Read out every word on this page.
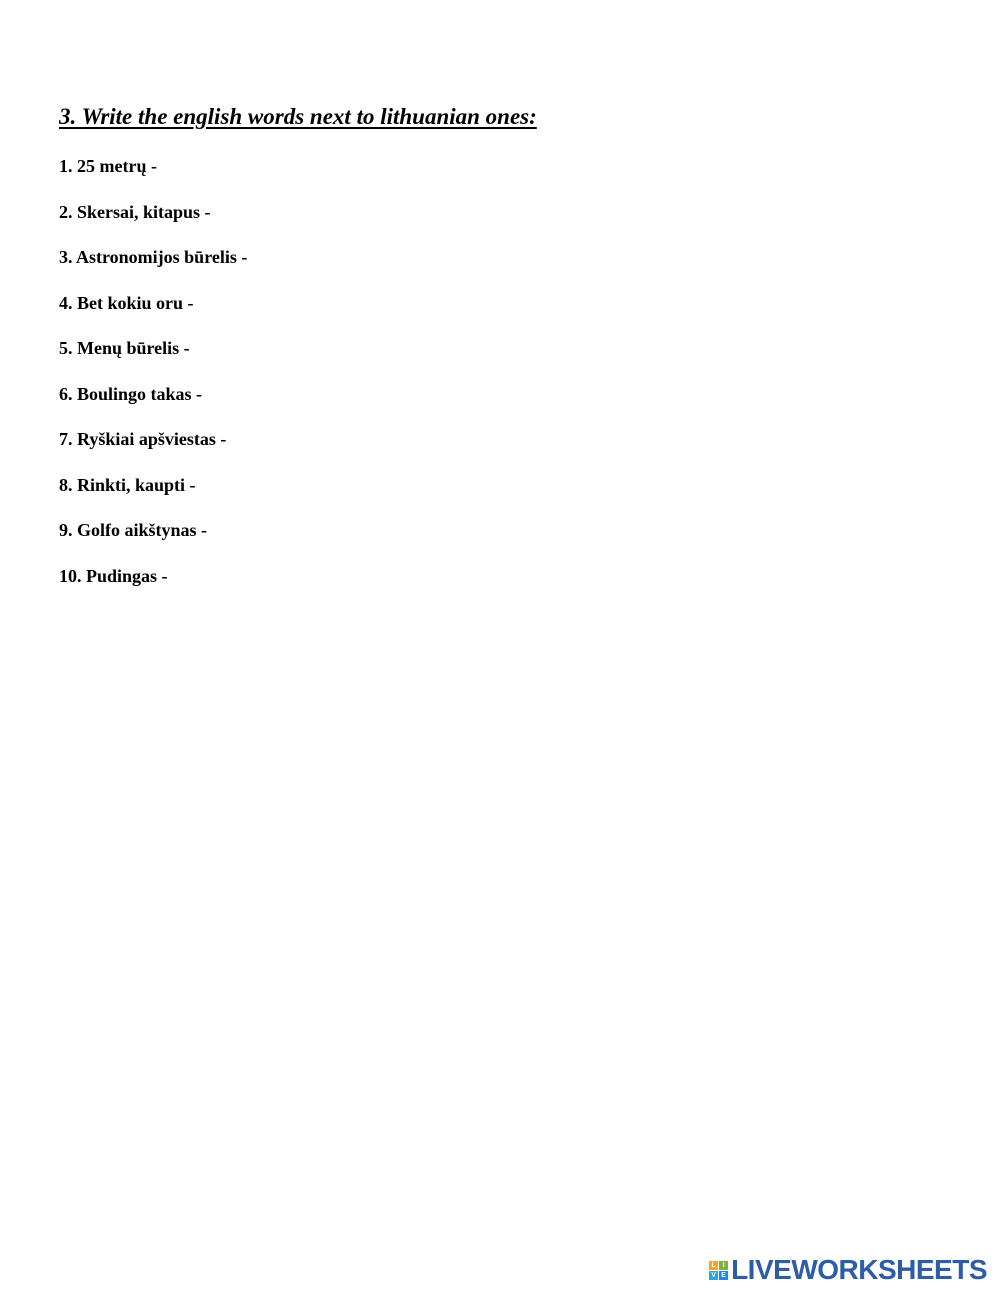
3. Write the english words next to lithuanian ones:
1. 25 metrų -
2. Skersai, kitapus -
3. Astronomijos būrelis -
4. Bet kokiu oru -
5. Menų būrelis -
6. Boulingo takas -
7. Ryškiai apšviestas -
8. Rinkti, kaupti -
9. Golfo aikštynas -
10. Pudingas -
L I
V E LIVEWORKSHEETS
